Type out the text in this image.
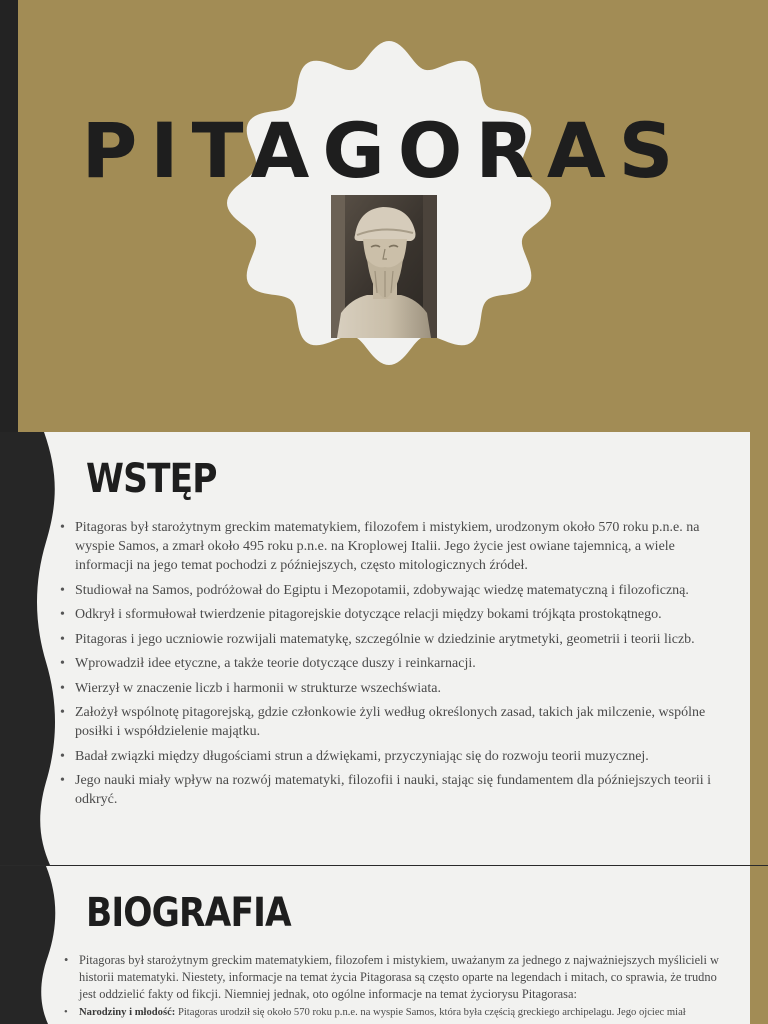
PITAGORAS
WSTĘP
• Pitagoras był starożytnym greckim matematykiem, filozofem i mistykiem, urodzonym około 570 roku p.n.e. na wyspie Samos, a zmarł około 495 roku p.n.e. na Kroplowej Italii. Jego życie jest owiane tajemnicą, a wiele informacji na jego temat pochodzi z późniejszych, często mitologicznych źródeł.
• Studiował na Samos, podróżował do Egiptu i Mezopotamii, zdobywając wiedzę matematyczną i filozoficzną.
• Odkrył i sformułował twierdzenie pitagorejskie dotyczące relacji między bokami trójkąta prostokątnego.
• Pitagoras i jego uczniowie rozwijali matematykę, szczególnie w dziedzinie arytmetyki, geometrii i teorii liczb.
• Wprowadził idee etyczne, a także teorie dotyczące duszy i reinkarnacji.
• Wierzył w znaczenie liczb i harmonii w strukturze wszechświata.
• Założył wspólnotę pitagorejską, gdzie członkowie żyli według określonych zasad, takich jak milczenie, wspólne posiłki i współdzielenie majątku.
• Badał związki między długościami strun a dźwiękami, przyczyniając się do rozwoju teorii muzycznej.
• Jego nauki miały wpływ na rozwój matematyki, filozofii i nauki, stając się fundamentem dla późniejszych teorii i odkryć.
BIOGRAFIA
• Pitagoras był starożytnym greckim matematykiem, filozofem i mistykiem, uważanym za jednego z najważniejszych myślicieli w historii matematyki. Niestety, informacje na temat życia Pitagorasa są często oparte na legendach i mitach, co sprawia, że trudno jest oddzielić fakty od fikcji. Niemniej jednak, oto ogólne informacje na temat życiorysu Pitagorasa:
• Narodziny i młodość: Pitagoras urodził się około 570 roku p.n.e. na wyspie Samos, która była częścią greckiego archipelagu. Jego ojciec miał
